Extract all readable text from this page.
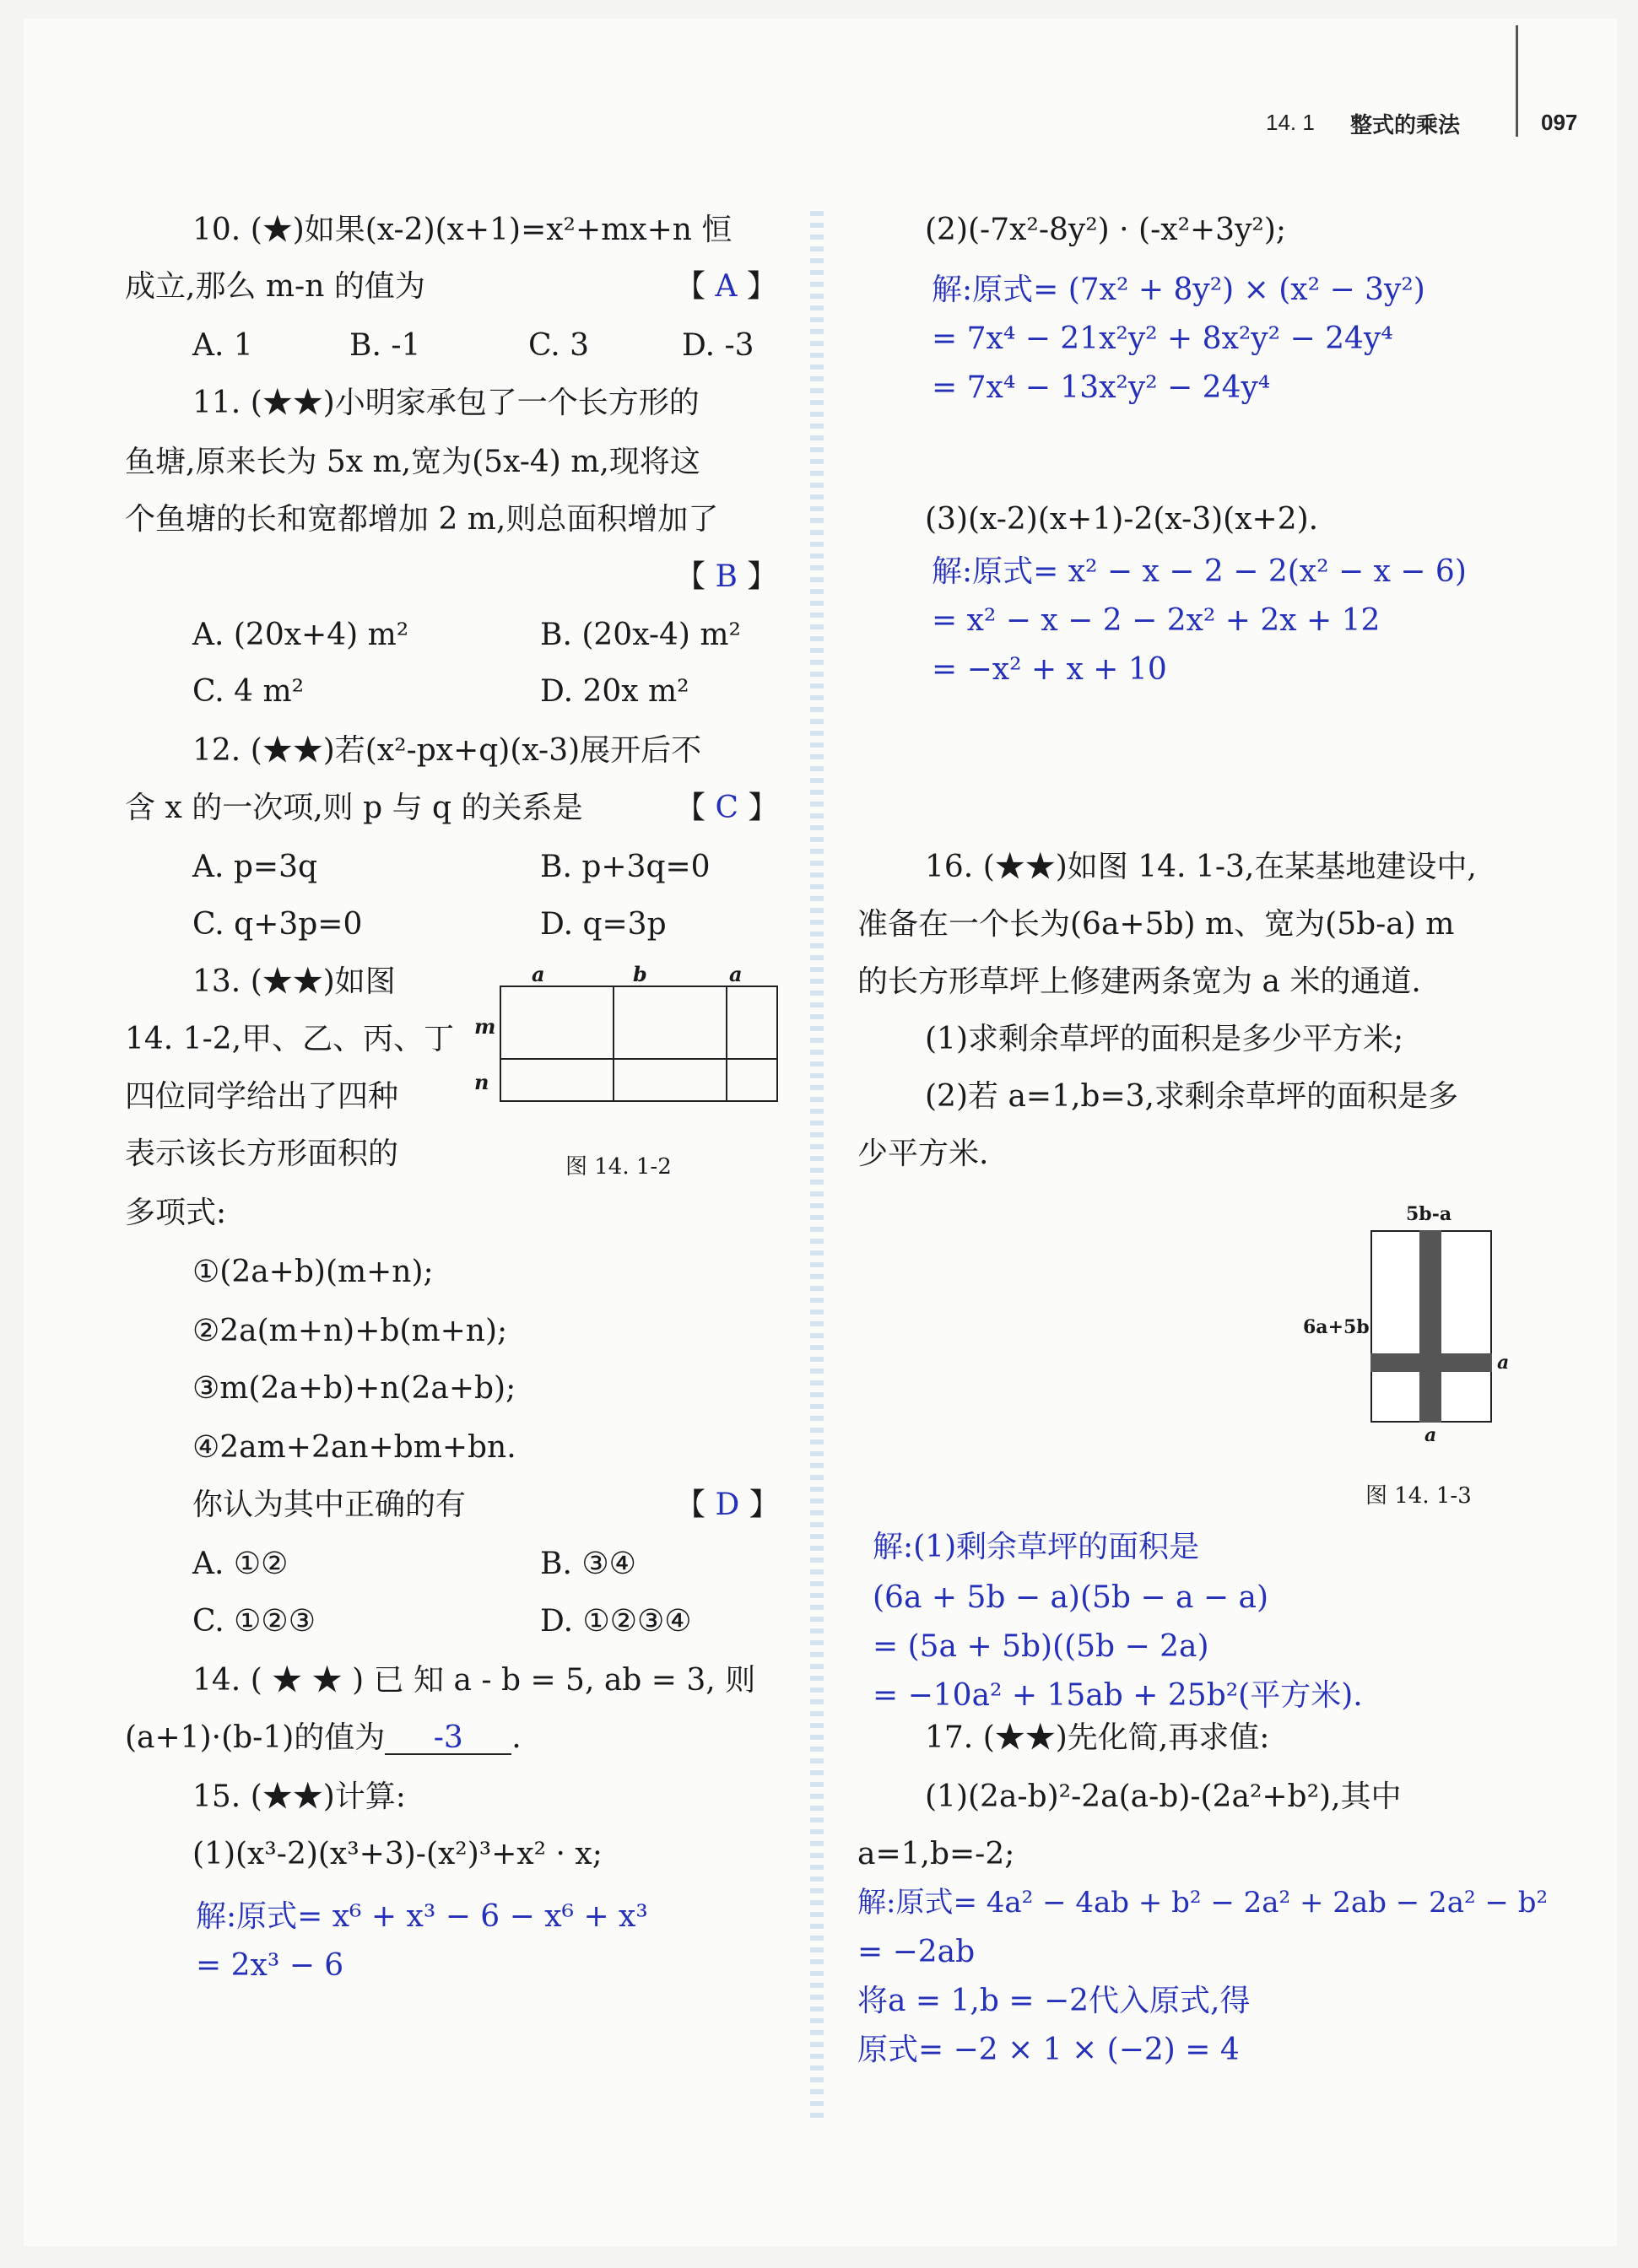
14. 1 整式的乘法	097
10. (★)如果(x-2)(x+1)=x²+mx+n 恒
成立,那么 m-n 的值为	【 A 】
A. 1	B. -1	C. 3	D. -3
11. (★★)小明家承包了一个长方形的
鱼塘,原来长为 5x m,宽为(5x-4) m,现将这
个鱼塘的长和宽都增加 2 m,则总面积增加了
【 B 】
A. (20x+4) m²	B. (20x-4) m²
C. 4 m²	D. 20x m²
12. (★★)若(x²-px+q)(x-3)展开后不
含 x 的一次项,则 p 与 q 的关系是	【 C 】
A. p=3q	B. p+3q=0
C. q+3p=0	D. q=3p
13. (★★)如图
14. 1-2,甲、乙、丙、丁
四位同学给出了四种
表示该长方形面积的
多项式:
a	b	a
m
n
图 14. 1-2
①(2a+b)(m+n);
②2a(m+n)+b(m+n);
③m(2a+b)+n(2a+b);
④2am+2an+bm+bn.
你认为其中正确的有	【 D 】
A. ①②	B. ③④
C. ①②③	D. ①②③④
14. ( ★ ★ ) 已 知 a - b = 5, ab = 3, 则
(a+1)·(b-1)的值为 -3 .
15. (★★)计算:
(1)(x³-2)(x³+3)-(x²)³+x² · x;
解:原式= x⁶ + x³ − 6 − x⁶ + x³
= 2x³ − 6
(2)(-7x²-8y²) · (-x²+3y²);
解:原式= (7x² + 8y²) × (x² − 3y²)
= 7x⁴ − 21x²y² + 8x²y² − 24y⁴
= 7x⁴ − 13x²y² − 24y⁴
(3)(x-2)(x+1)-2(x-3)(x+2).
解:原式= x² − x − 2 − 2(x² − x − 6)
= x² − x − 2 − 2x² + 2x + 12
= −x² + x + 10
16. (★★)如图 14. 1-3,在某基地建设中,
准备在一个长为(6a+5b) m、宽为(5b-a) m
的长方形草坪上修建两条宽为 a 米的通道.
(1)求剩余草坪的面积是多少平方米;
(2)若 a=1,b=3,求剩余草坪的面积是多
少平方米.
5b-a
6a+5b
a
a
图 14. 1-3
解:(1)剩余草坪的面积是
(6a + 5b − a)(5b − a − a)
= (5a + 5b)((5b − 2a)
= −10a² + 15ab + 25b²(平方米).
17. (★★)先化简,再求值:
(1)(2a-b)²-2a(a-b)-(2a²+b²),其中
a=1,b=-2;
解:原式= 4a² − 4ab + b² − 2a² + 2ab − 2a² − b²
= −2ab
将a = 1,b = −2代入原式,得
原式= −2 × 1 × (−2) = 4
